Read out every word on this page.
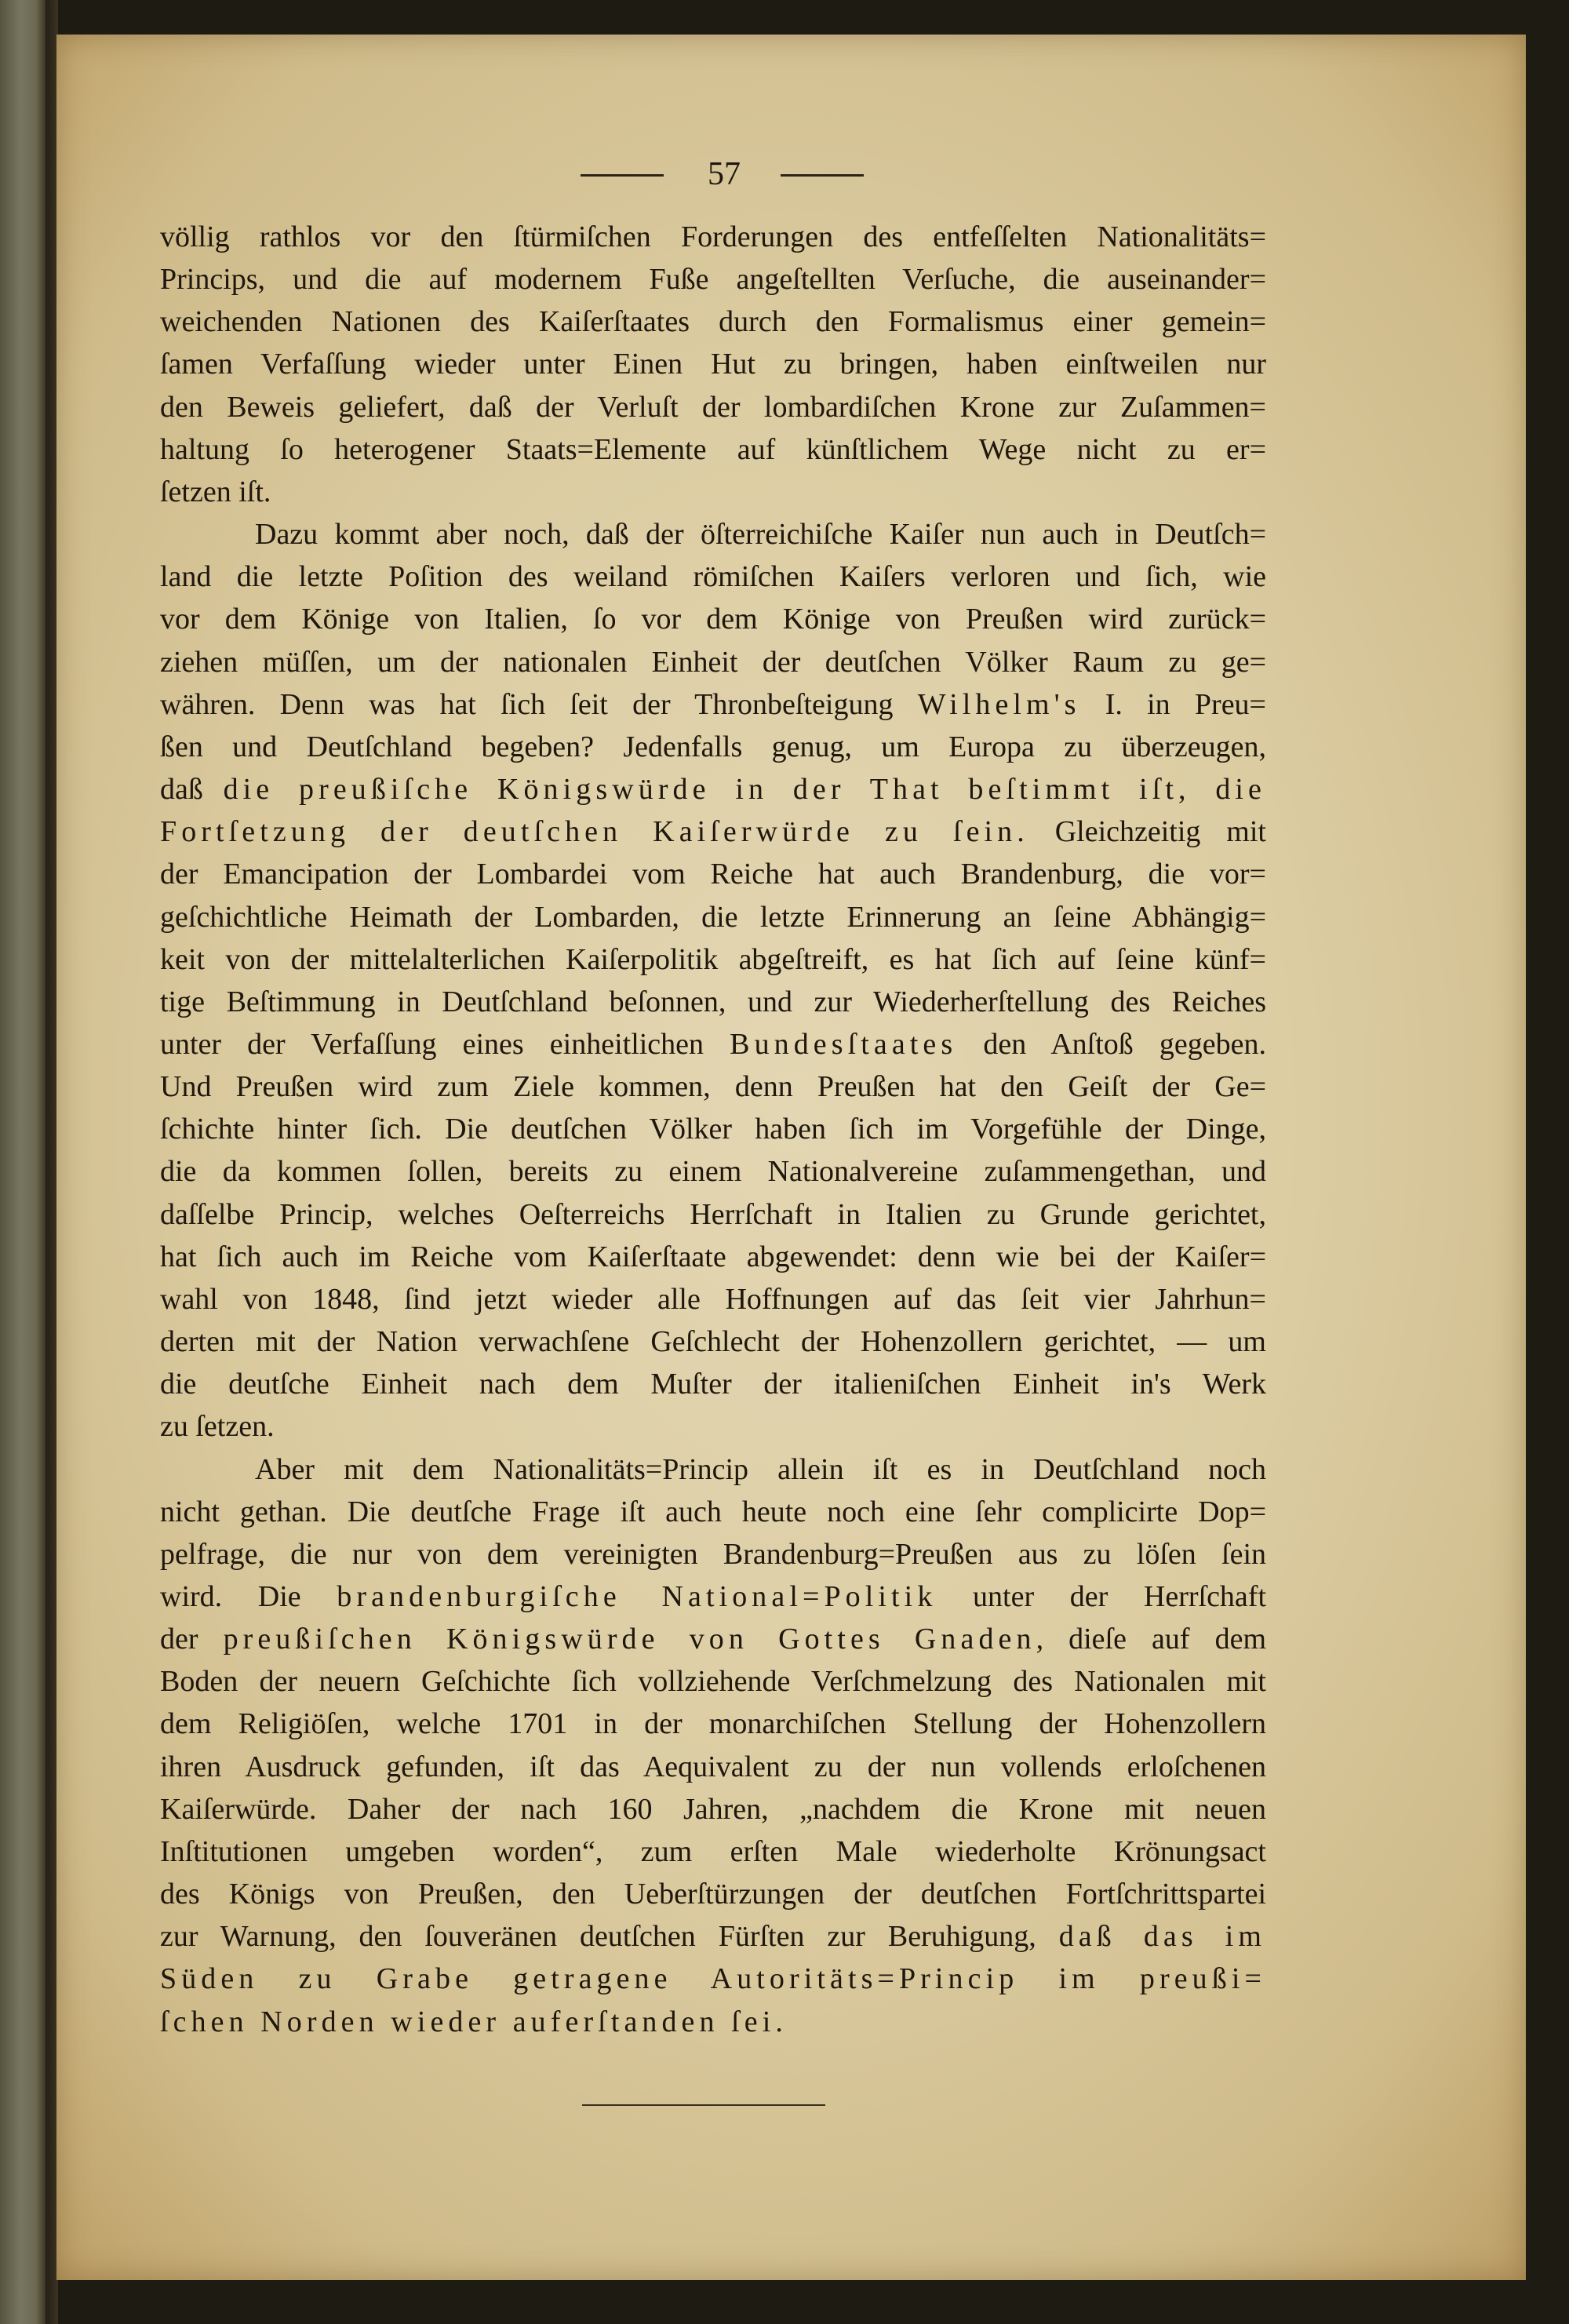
57
völlig rathlos vor den ſtürmiſchen Forderungen des entfeſſelten Nationalitäts=
Princips, und die auf modernem Fuße angeſtellten Verſuche, die auseinander=
weichenden Nationen des Kaiſerſtaates durch den Formalismus einer gemein=
ſamen Verfaſſung wieder unter Einen Hut zu bringen, haben einſtweilen nur
den Beweis geliefert, daß der Verluſt der lombardiſchen Krone zur Zuſammen=
haltung ſo heterogener Staats=Elemente auf künſtlichem Wege nicht zu er=
ſetzen iſt.
Dazu kommt aber noch, daß der öſterreichiſche Kaiſer nun auch in Deutſch=
land die letzte Poſition des weiland römiſchen Kaiſers verloren und ſich, wie
vor dem Könige von Italien, ſo vor dem Könige von Preußen wird zurück=
ziehen müſſen, um der nationalen Einheit der deutſchen Völker Raum zu ge=
währen. Denn was hat ſich ſeit der Thronbeſteigung Wilhelm's I. in Preu=
ßen und Deutſchland begeben? Jedenfalls genug, um Europa zu überzeugen,
daß die preußiſche Königswürde in der That beſtimmt iſt, die
Fortſetzung der deutſchen Kaiſerwürde zu ſein. Gleichzeitig mit
der Emancipation der Lombardei vom Reiche hat auch Brandenburg, die vor=
geſchichtliche Heimath der Lombarden, die letzte Erinnerung an ſeine Abhängig=
keit von der mittelalterlichen Kaiſerpolitik abgeſtreift, es hat ſich auf ſeine künf=
tige Beſtimmung in Deutſchland beſonnen, und zur Wiederherſtellung des Reiches
unter der Verfaſſung eines einheitlichen Bundesſtaates den Anſtoß gegeben.
Und Preußen wird zum Ziele kommen, denn Preußen hat den Geiſt der Ge=
ſchichte hinter ſich. Die deutſchen Völker haben ſich im Vorgefühle der Dinge,
die da kommen ſollen, bereits zu einem Nationalvereine zuſammengethan, und
daſſelbe Princip, welches Oeſterreichs Herrſchaft in Italien zu Grunde gerichtet,
hat ſich auch im Reiche vom Kaiſerſtaate abgewendet: denn wie bei der Kaiſer=
wahl von 1848, ſind jetzt wieder alle Hoffnungen auf das ſeit vier Jahrhun=
derten mit der Nation verwachſene Geſchlecht der Hohenzollern gerichtet, — um
die deutſche Einheit nach dem Muſter der italieniſchen Einheit in's Werk
zu ſetzen.
Aber mit dem Nationalitäts=Princip allein iſt es in Deutſchland noch
nicht gethan. Die deutſche Frage iſt auch heute noch eine ſehr complicirte Dop=
pelfrage, die nur von dem vereinigten Brandenburg=Preußen aus zu löſen ſein
wird. Die brandenburgiſche National=Politik unter der Herrſchaft
der preußiſchen Königswürde von Gottes Gnaden, dieſe auf dem
Boden der neuern Geſchichte ſich vollziehende Verſchmelzung des Nationalen mit
dem Religiöſen, welche 1701 in der monarchiſchen Stellung der Hohenzollern
ihren Ausdruck gefunden, iſt das Aequivalent zu der nun vollends erloſchenen
Kaiſerwürde. Daher der nach 160 Jahren, „nachdem die Krone mit neuen
Inſtitutionen umgeben worden“, zum erſten Male wiederholte Krönungsact
des Königs von Preußen, den Ueberſtürzungen der deutſchen Fortſchrittspartei
zur Warnung, den ſouveränen deutſchen Fürſten zur Beruhigung, daß das im
Süden zu Grabe getragene Autoritäts=Princip im preußi=
ſchen Norden wieder auferſtanden ſei.
